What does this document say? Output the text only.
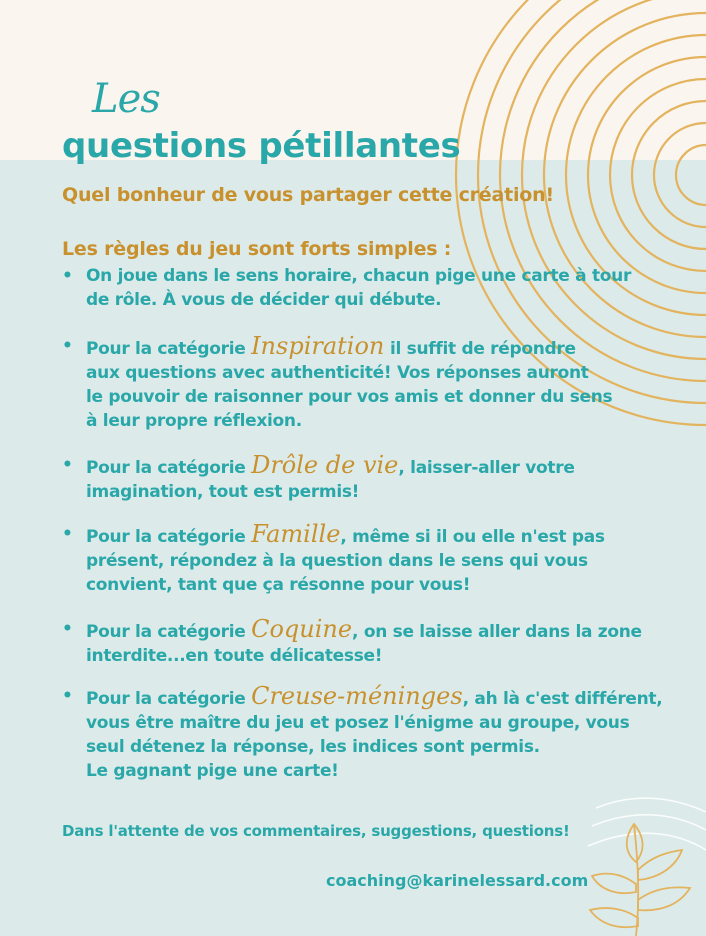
Les
questions pétillantes
Quel bonheur de vous partager cette création!
Les règles du jeu sont forts simples :
• On joue dans le sens horaire, chacun pige une carte à tour
de rôle. À vous de décider qui débute.
• Pour la catégorie Inspiration il suffit de répondre
aux questions avec authenticité! Vos réponses auront
le pouvoir de raisonner pour vos amis et donner du sens
à leur propre réflexion.
• Pour la catégorie Drôle de vie, laisser-aller votre
imagination, tout est permis!
• Pour la catégorie Famille, même si il ou elle n'est pas
présent, répondez à la question dans le sens qui vous
convient, tant que ça résonne pour vous!
• Pour la catégorie Coquine, on se laisse aller dans la zone
interdite...en toute délicatesse!
• Pour la catégorie Creuse-méninges, ah là c'est différent,
vous être maître du jeu et posez l'énigme au groupe, vous
seul détenez la réponse, les indices sont permis.
Le gagnant pige une carte!
Dans l'attente de vos commentaires, suggestions, questions!
coaching@karinelessard.com
